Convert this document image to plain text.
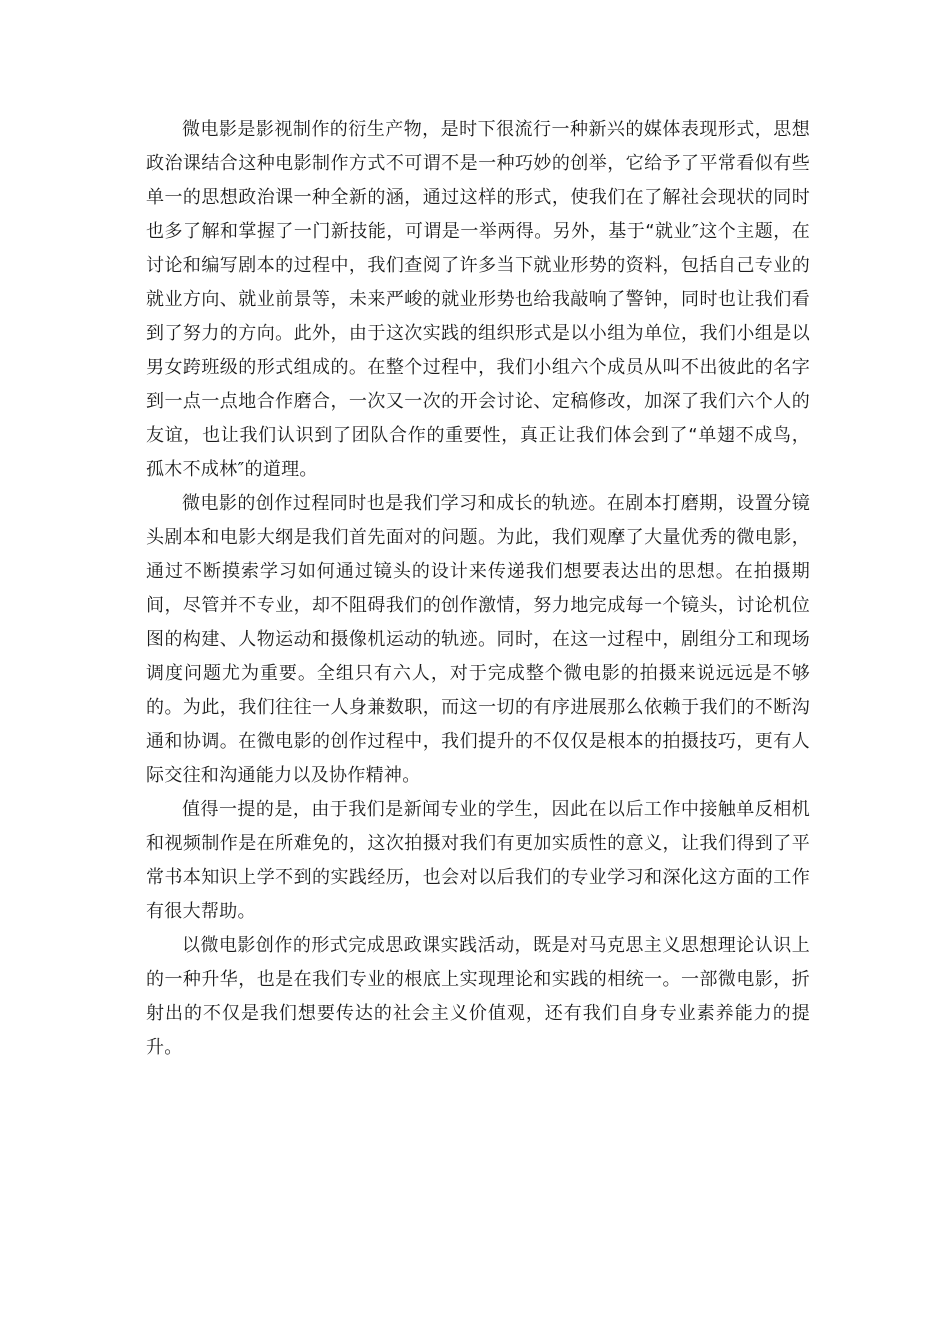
微电影是影视制作的衍生产物，是时下很流行一种新兴的媒体表现形式，思想政治课结合这种电影制作方式不可谓不是一种巧妙的创举，它给予了平常看似有些单一的思想政治课一种全新的涵，通过这样的形式，使我们在了解社会现状的同时也多了解和掌握了一门新技能，可谓是一举两得。另外，基于“就业″这个主题，在讨论和编写剧本的过程中，我们查阅了许多当下就业形势的资料，包括自己专业的就业方向、就业前景等，未来严峻的就业形势也给我敲响了警钟，同时也让我们看到了努力的方向。此外，由于这次实践的组织形式是以小组为单位，我们小组是以男女跨班级的形式组成的。在整个过程中，我们小组六个成员从叫不出彼此的名字到一点一点地合作磨合，一次又一次的开会讨论、定稿修改，加深了我们六个人的友谊，也让我们认识到了团队合作的重要性，真正让我们体会到了“单翅不成鸟，孤木不成林″的道理。

微电影的创作过程同时也是我们学习和成长的轨迹。在剧本打磨期，设置分镜头剧本和电影大纲是我们首先面对的问题。为此，我们观摩了大量优秀的微电影，通过不断摸索学习如何通过镜头的设计来传递我们想要表达出的思想。在拍摄期间，尽管并不专业，却不阻碍我们的创作激情，努力地完成每一个镜头，讨论机位图的构建、人物运动和摄像机运动的轨迹。同时，在这一过程中，剧组分工和现场调度问题尤为重要。全组只有六人，对于完成整个微电影的拍摄来说远远是不够的。为此，我们往往一人身兼数职，而这一切的有序进展那么依赖于我们的不断沟通和协调。在微电影的创作过程中，我们提升的不仅仅是根本的拍摄技巧，更有人际交往和沟通能力以及协作精神。

值得一提的是，由于我们是新闻专业的学生，因此在以后工作中接触单反相机和视频制作是在所难免的，这次拍摄对我们有更加实质性的意义，让我们得到了平常书本知识上学不到的实践经历，也会对以后我们的专业学习和深化这方面的工作有很大帮助。

以微电影创作的形式完成思政课实践活动，既是对马克思主义思想理论认识上的一种升华，也是在我们专业的根底上实现理论和实践的相统一。一部微电影，折射出的不仅是我们想要传达的社会主义价值观，还有我们自身专业素养能力的提升。
